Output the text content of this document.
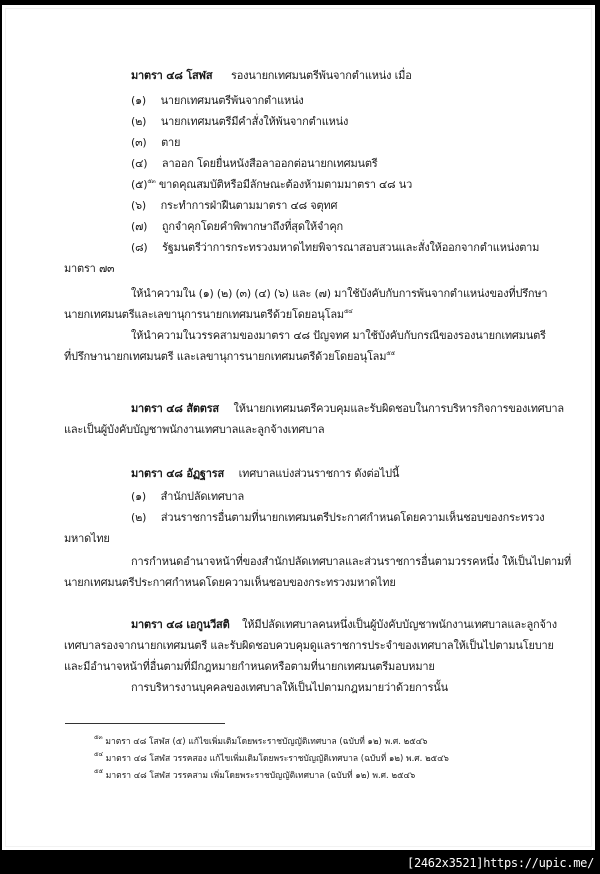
มาตรา ๔๘ โสฬส รองนายกเทศมนตรีพ้นจากตำแหน่ง เมื่อ
(๑) นายกเทศมนตรีพ้นจากตำแหน่ง
(๒) นายกเทศมนตรีมีคำสั่งให้พ้นจากตำแหน่ง
(๓) ตาย
(๔) ลาออก โดยยื่นหนังสือลาออกต่อนายกเทศมนตรี
(๕)$^{๕๓}$ ขาดคุณสมบัติหรือมีลักษณะต้องห้ามตามมาตรา ๔๘ นว
(๖) กระทำการฝ่าฝืนตามมาตรา ๔๘ จตุทศ
(๗) ถูกจำคุกโดยคำพิพากษาถึงที่สุดให้จำคุก
(๘) รัฐมนตรีว่าการกระทรวงมหาดไทยพิจารณาสอบสวนและสั่งให้ออกจากตำแหน่งตาม
มาตรา ๗๓
ให้นำความใน (๑) (๒) (๓) (๔) (๖) และ (๗) มาใช้บังคับกับการพ้นจากตำแหน่งของที่ปรึกษา
นายกเทศมนตรีและเลขานุการนายกเทศมนตรีด้วยโดยอนุโลม$^{๕๔}$
ให้นำความในวรรคสามของมาตรา ๔๘ ปัญจทศ มาใช้บังคับกับกรณีของรองนายกเทศมนตรี
ที่ปรึกษานายกเทศมนตรี และเลขานุการนายกเทศมนตรีด้วยโดยอนุโลม$^{๕๕}$
มาตรา ๔๘ สัตตรส ให้นายกเทศมนตรีควบคุมและรับผิดชอบในการบริหารกิจการของเทศบาล
และเป็นผู้บังคับบัญชาพนักงานเทศบาลและลูกจ้างเทศบาล
มาตรา ๔๘ อัฏฐารส เทศบาลแบ่งส่วนราชการ ดังต่อไปนี้
(๑) สำนักปลัดเทศบาล
(๒) ส่วนราชการอื่นตามที่นายกเทศมนตรีประกาศกำหนดโดยความเห็นชอบของกระทรวง
มหาดไทย
การกำหนดอำนาจหน้าที่ของสำนักปลัดเทศบาลและส่วนราชการอื่นตามวรรคหนึ่ง ให้เป็นไปตามที่
นายกเทศมนตรีประกาศกำหนดโดยความเห็นชอบของกระทรวงมหาดไทย
มาตรา ๔๘ เอกูนวีสติ ให้มีปลัดเทศบาลคนหนึ่งเป็นผู้บังคับบัญชาพนักงานเทศบาลและลูกจ้าง
เทศบาลรองจากนายกเทศมนตรี และรับผิดชอบควบคุมดูแลราชการประจำของเทศบาลให้เป็นไปตามนโยบาย
และมีอำนาจหน้าที่อื่นตามที่มีกฎหมายกำหนดหรือตามที่นายกเทศมนตรีมอบหมาย
การบริหารงานบุคคลของเทศบาลให้เป็นไปตามกฎหมายว่าด้วยการนั้น
$^{๕๓}$ มาตรา ๔๘ โสฬส (๕) แก้ไขเพิ่มเติมโดยพระราชบัญญัติเทศบาล (ฉบับที่ ๑๒) พ.ศ. ๒๕๔๖
$^{๕๔}$ มาตรา ๔๘ โสฬส วรรคสอง แก้ไขเพิ่มเติมโดยพระราชบัญญัติเทศบาล (ฉบับที่ ๑๒) พ.ศ. ๒๕๔๖
$^{๕๕}$ มาตรา ๔๘ โสฬส วรรคสาม เพิ่มโดยพระราชบัญญัติเทศบาล (ฉบับที่ ๑๒) พ.ศ. ๒๕๔๖
[2462x3521]https://upic.me/
